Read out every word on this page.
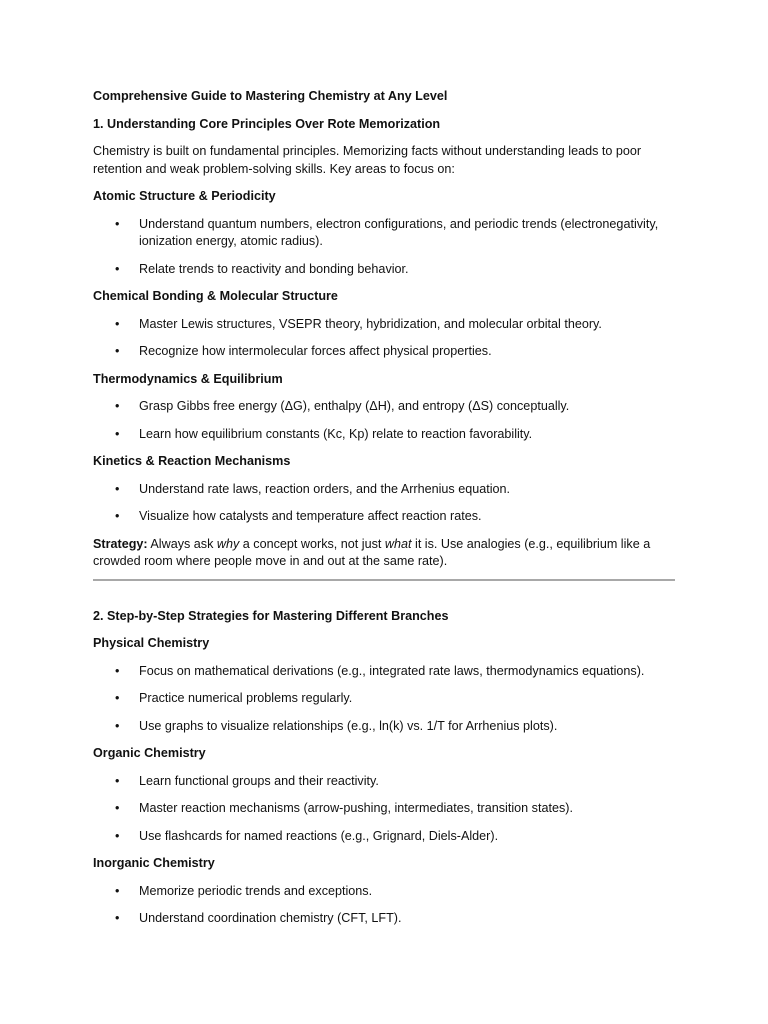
Comprehensive Guide to Mastering Chemistry at Any Level

1. Understanding Core Principles Over Rote Memorization

Chemistry is built on fundamental principles. Memorizing facts without understanding leads to poor retention and weak problem-solving skills. Key areas to focus on:

Atomic Structure & Periodicity

• Understand quantum numbers, electron configurations, and periodic trends (electronegativity, ionization energy, atomic radius).
• Relate trends to reactivity and bonding behavior.

Chemical Bonding & Molecular Structure

• Master Lewis structures, VSEPR theory, hybridization, and molecular orbital theory.
• Recognize how intermolecular forces affect physical properties.

Thermodynamics & Equilibrium

• Grasp Gibbs free energy (ΔG), enthalpy (ΔH), and entropy (ΔS) conceptually.
• Learn how equilibrium constants (Kc, Kp) relate to reaction favorability.

Kinetics & Reaction Mechanisms

• Understand rate laws, reaction orders, and the Arrhenius equation.
• Visualize how catalysts and temperature affect reaction rates.

Strategy: Always ask why a concept works, not just what it is. Use analogies (e.g., equilibrium like a crowded room where people move in and out at the same rate).

2. Step-by-Step Strategies for Mastering Different Branches

Physical Chemistry

• Focus on mathematical derivations (e.g., integrated rate laws, thermodynamics equations).
• Practice numerical problems regularly.
• Use graphs to visualize relationships (e.g., ln(k) vs. 1/T for Arrhenius plots).

Organic Chemistry

• Learn functional groups and their reactivity.
• Master reaction mechanisms (arrow-pushing, intermediates, transition states).
• Use flashcards for named reactions (e.g., Grignard, Diels-Alder).

Inorganic Chemistry

• Memorize periodic trends and exceptions.
• Understand coordination chemistry (CFT, LFT).
